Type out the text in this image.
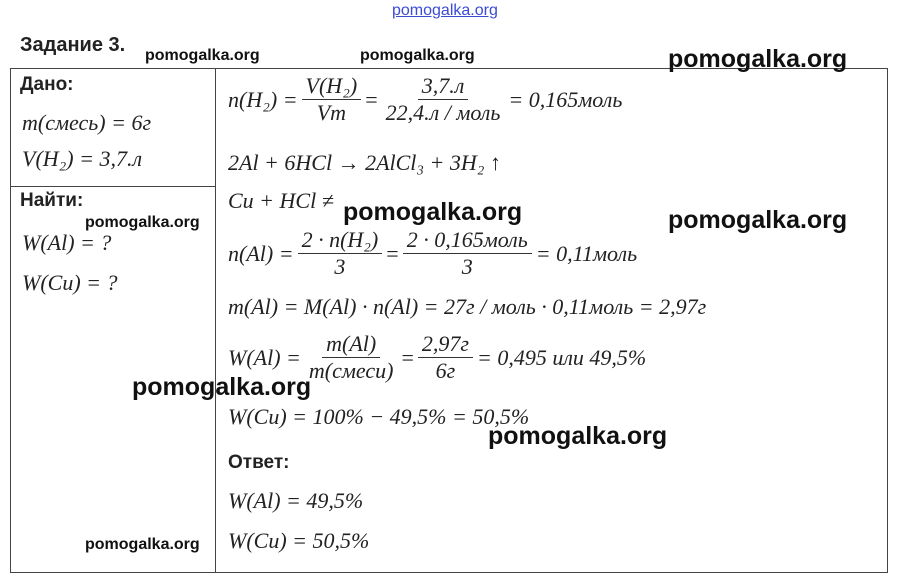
pomogalka.org
Задание 3.
Дано:
m(смесь) = 6г
V(H₂) = 3,7.л
Найти:
W(Al) = ?
W(Cu) = ?
$n(H_2) = \frac{\text{V(H₂)}}{Vm} = \frac{3,7.л}{\text{22,4.л / моль}}$ = 0,165моль
2Al + 6HCl → 2AlCl₃ + 3H₂ ↑
Cu + HCl ≠
$n(Al) = \frac{\text{2 · n(H₂)}}{3} = \frac{\text{2 · 0,165моль}}{3}$ = 0,11моль
m(Al) = M(Al) · n(Al) = 27г / моль · 0,11моль = 2,97г
$W(Al) = \frac{m(Al)}{\text{m(смеси)}} = \frac{2,97г}{6г} = 0,495$ или 49,5%
W(Cu) = 100% − 49,5% = 50,5%
Ответ:
W(Al) = 49,5%
W(Cu) = 50,5%
pomogalka.org	pomogalka.org	pomogalka.org
pomogalka.org	pomogalka.org	pomogalka.org
pomogalka.org
pomogalka.org
pomogalka.org
